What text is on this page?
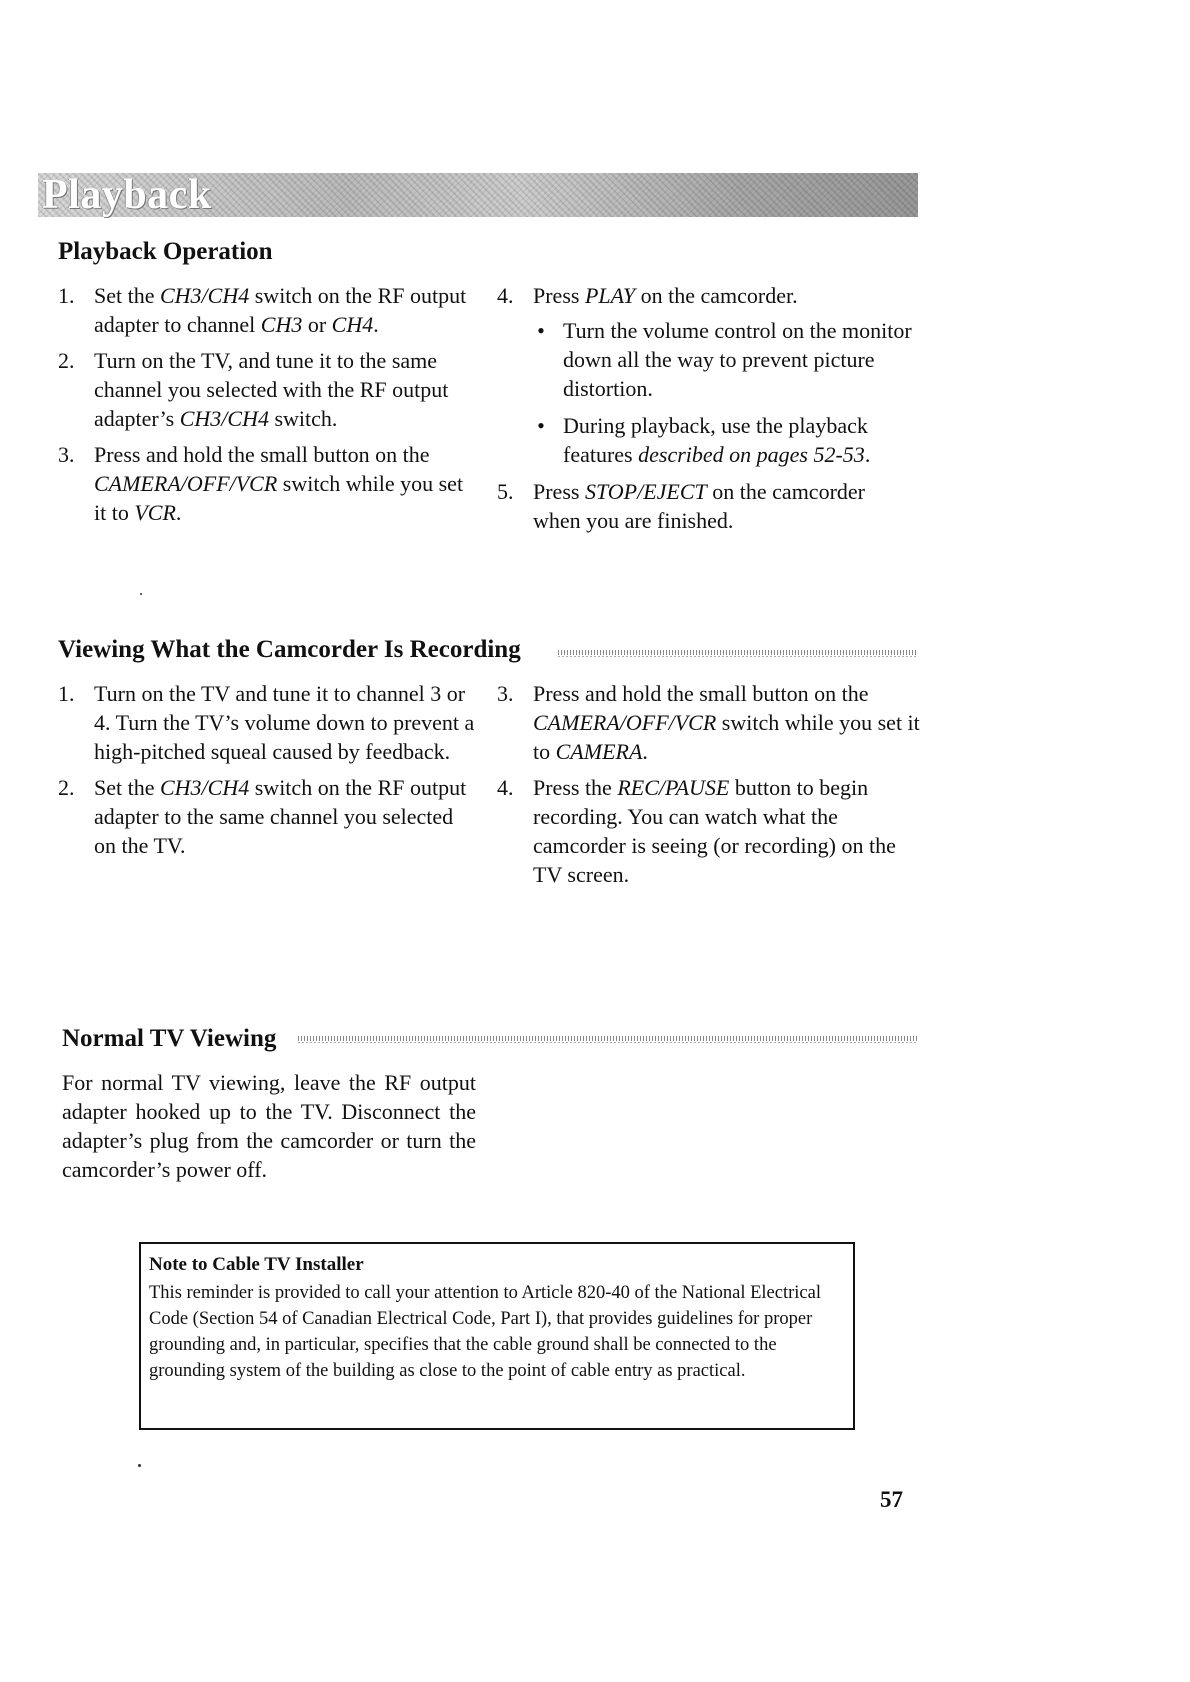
Playback
Playback Operation
1. Set the CH3/CH4 switch on the RF output adapter to channel CH3 or CH4.
2. Turn on the TV, and tune it to the same channel you selected with the RF output adapter’s CH3/CH4 switch.
3. Press and hold the small button on the CAMERA/OFF/VCR switch while you set it to VCR.
4. Press PLAY on the camcorder.
• Turn the volume control on the monitor down all the way to prevent picture distortion.
• During playback, use the playback features described on pages 52-53.
5. Press STOP/EJECT on the camcorder when you are finished.
Viewing What the Camcorder Is Recording
1. Turn on the TV and tune it to channel 3 or 4. Turn the TV’s volume down to prevent a high-pitched squeal caused by feedback.
2. Set the CH3/CH4 switch on the RF output adapter to the same channel you selected on the TV.
3. Press and hold the small button on the CAMERA/OFF/VCR switch while you set it to CAMERA.
4. Press the REC/PAUSE button to begin recording. You can watch what the camcorder is seeing (or recording) on the TV screen.
Normal TV Viewing
For normal TV viewing, leave the RF output adapter hooked up to the TV. Disconnect the adapter’s plug from the camcorder or turn the camcorder’s power off.
Note to Cable TV Installer
This reminder is provided to call your attention to Article 820-40 of the National Electrical Code (Section 54 of Canadian Electrical Code, Part I), that provides guidelines for proper grounding and, in particular, specifies that the cable ground shall be connected to the grounding system of the building as close to the point of cable entry as practical.
57
